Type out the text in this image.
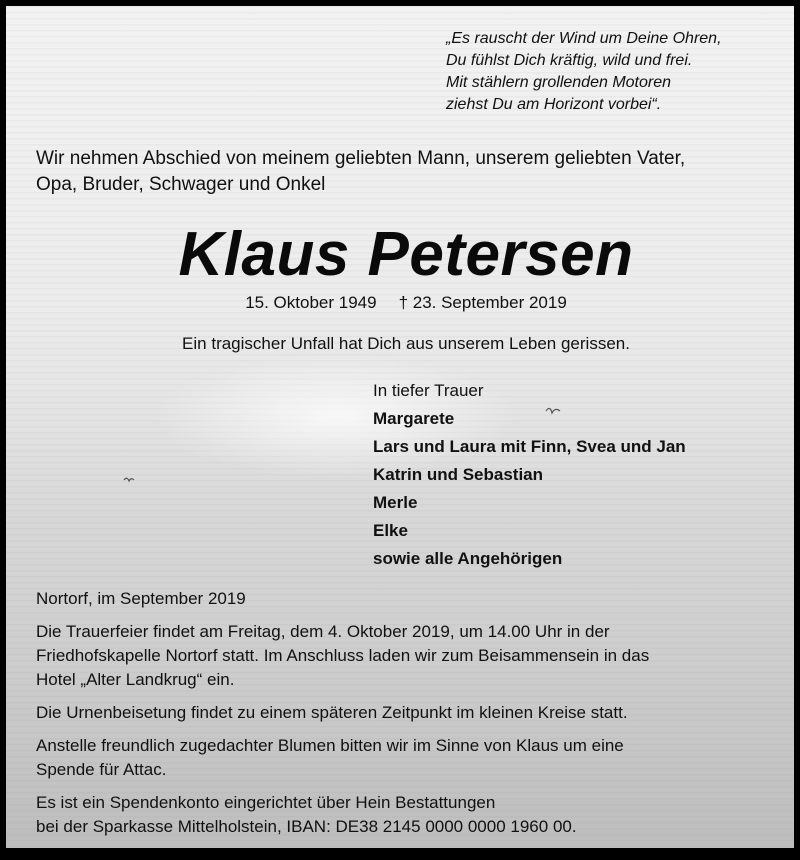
„Es rauscht der Wind um Deine Ohren,
Du fühlst Dich kräftig, wild und frei.
Mit stählern grollenden Motoren
ziehst Du am Horizont vorbei“.
Wir nehmen Abschied von meinem geliebten Mann, unserem geliebten Vater,
Opa, Bruder, Schwager und Onkel
Klaus Petersen
15. Oktober 1949 † 23. September 2019
Ein tragischer Unfall hat Dich aus unserem Leben gerissen.
In tiefer Trauer
Margarete
Lars und Laura mit Finn, Svea und Jan
Katrin und Sebastian
Merle
Elke
sowie alle Angehörigen

Nortorf, im September 2019

Die Trauerfeier findet am Freitag, dem 4. Oktober 2019, um 14.00 Uhr in der
Friedhofskapelle Nortorf statt. Im Anschluss laden wir zum Beisammensein in das
Hotel „Alter Landkrug“ ein.

Die Urnenbeisetung findet zu einem späteren Zeitpunkt im kleinen Kreise statt.

Anstelle freundlich zugedachter Blumen bitten wir im Sinne von Klaus um eine
Spende für Attac.

Es ist ein Spendenkonto eingerichtet über Hein Bestattungen
bei der Sparkasse Mittelholstein, IBAN: DE38 2145 0000 0000 1960 00.
